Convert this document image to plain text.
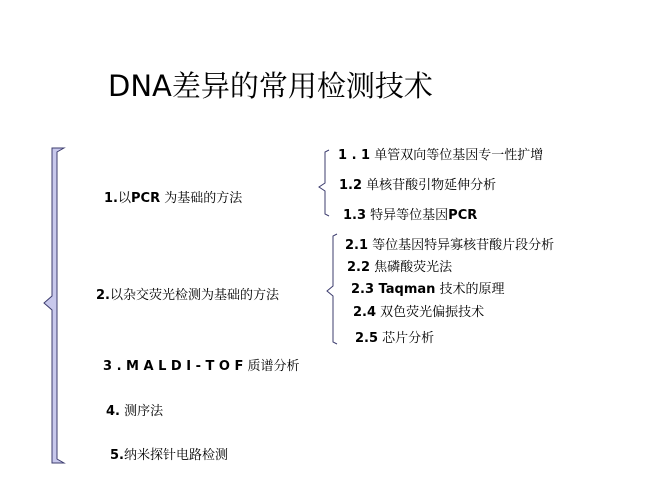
DNA差异的常用检测技术
1.以PCR 为基础的方法
2.以杂交荧光检测为基础的方法
3 . M A L D I - T O F 质谱分析
4. 测序法
5.纳米探针电路检测
1 . 1 单管双向等位基因专一性扩增
1.2 单核苷酸引物延伸分析
1.3 特异等位基因PCR
2.1 等位基因特异寡核苷酸片段分析
2.2 焦磷酸荧光法
2.3 Taqman 技术的原理
2.4 双色荧光偏振技术
2.5 芯片分析
